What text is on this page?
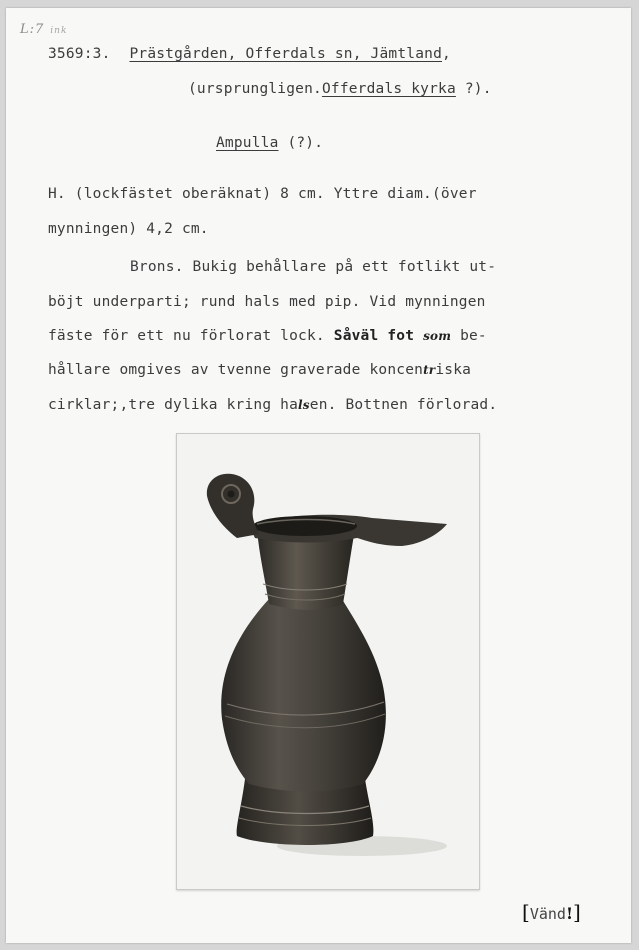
L:7 ink
3569:3. Prästgården, Offerdals sn, Jämtland,
(ursprungligen.Offerdals kyrka ?).
Ampulla (?).
H. (lockfästet oberäknat) 8 cm. Yttre diam.(över
mynningen) 4,2 cm.
Brons. Bukig behållare på ett fotlikt ut-
böjt underparti; rund hals med pip. Vid mynningen
fäste för ett nu förlorat lock. Såväl fot som be-
hållare omgives av tvenne graverade koncentriska
cirklar;,tre dylika kring halsen. Bottnen förlorad.
[Vänd!]
